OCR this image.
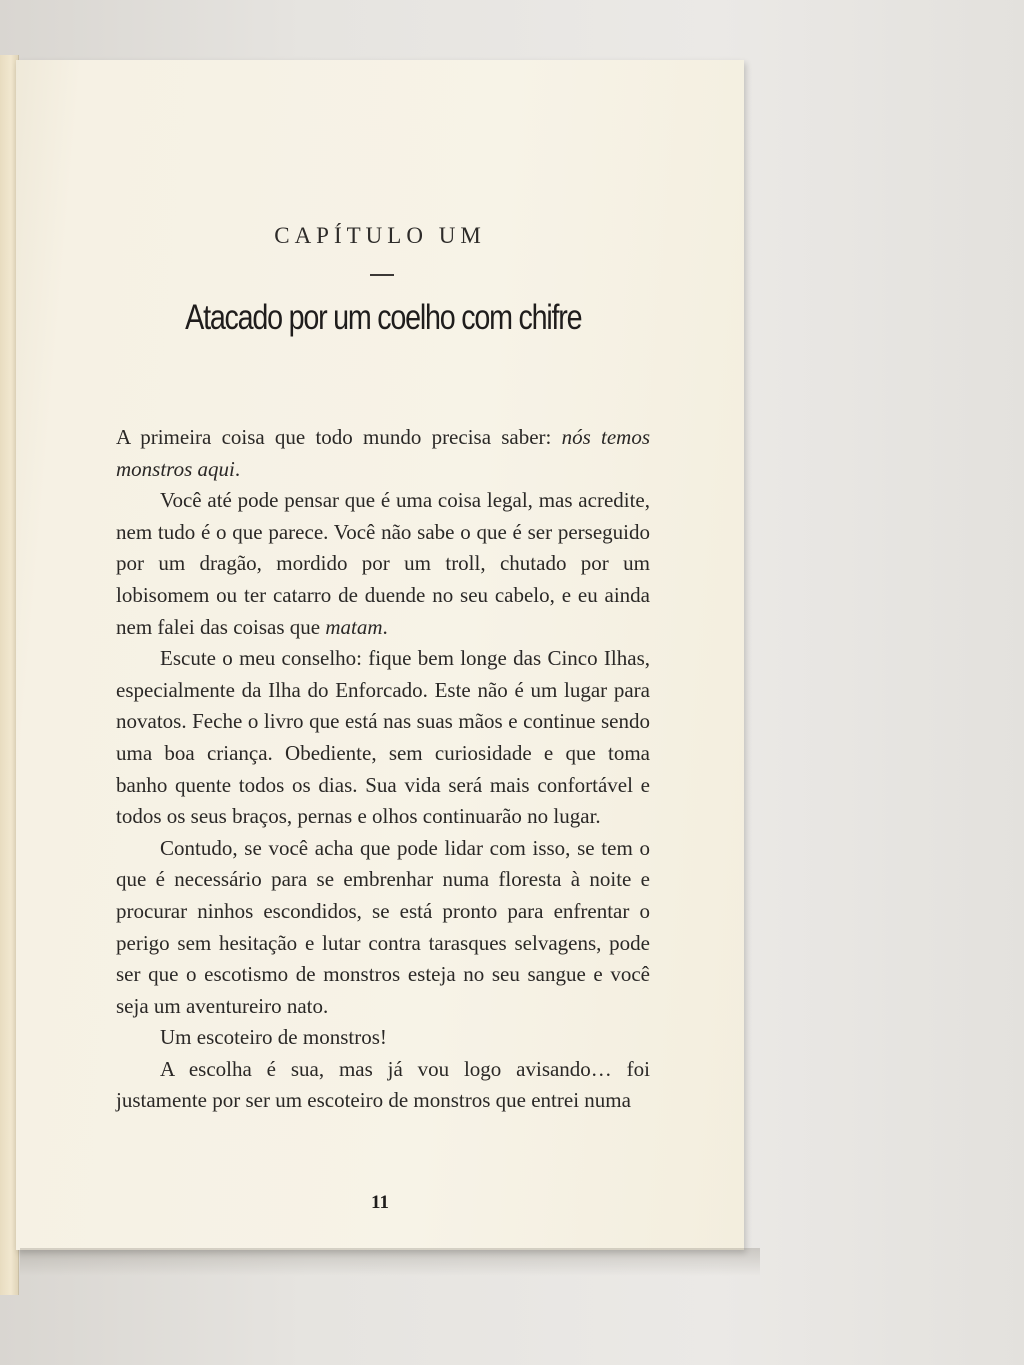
CAPÍTULO UM
Atacado por um coelho com chifre

A primeira coisa que todo mundo precisa saber: nós temos monstros aqui.

Você até pode pensar que é uma coisa legal, mas acredite, nem tudo é o que parece. Você não sabe o que é ser perseguido por um dragão, mordido por um troll, chutado por um lobisomem ou ter catarro de duende no seu cabelo, e eu ainda nem falei das coisas que matam.

Escute o meu conselho: fique bem longe das Cinco Ilhas, especialmente da Ilha do Enforcado. Este não é um lugar para novatos. Feche o livro que está nas suas mãos e continue sendo uma boa criança. Obediente, sem curiosidade e que toma banho quente todos os dias. Sua vida será mais confortável e todos os seus braços, pernas e olhos continuarão no lugar.

Contudo, se você acha que pode lidar com isso, se tem o que é necessário para se embrenhar numa floresta à noite e procurar ninhos escondidos, se está pronto para enfrentar o perigo sem hesitação e lutar contra tarasques selvagens, pode ser que o escotismo de monstros esteja no seu sangue e você seja um aventureiro nato.

Um escoteiro de monstros!

A escolha é sua, mas já vou logo avisando… foi justamente por ser um escoteiro de monstros que entrei numa

11
